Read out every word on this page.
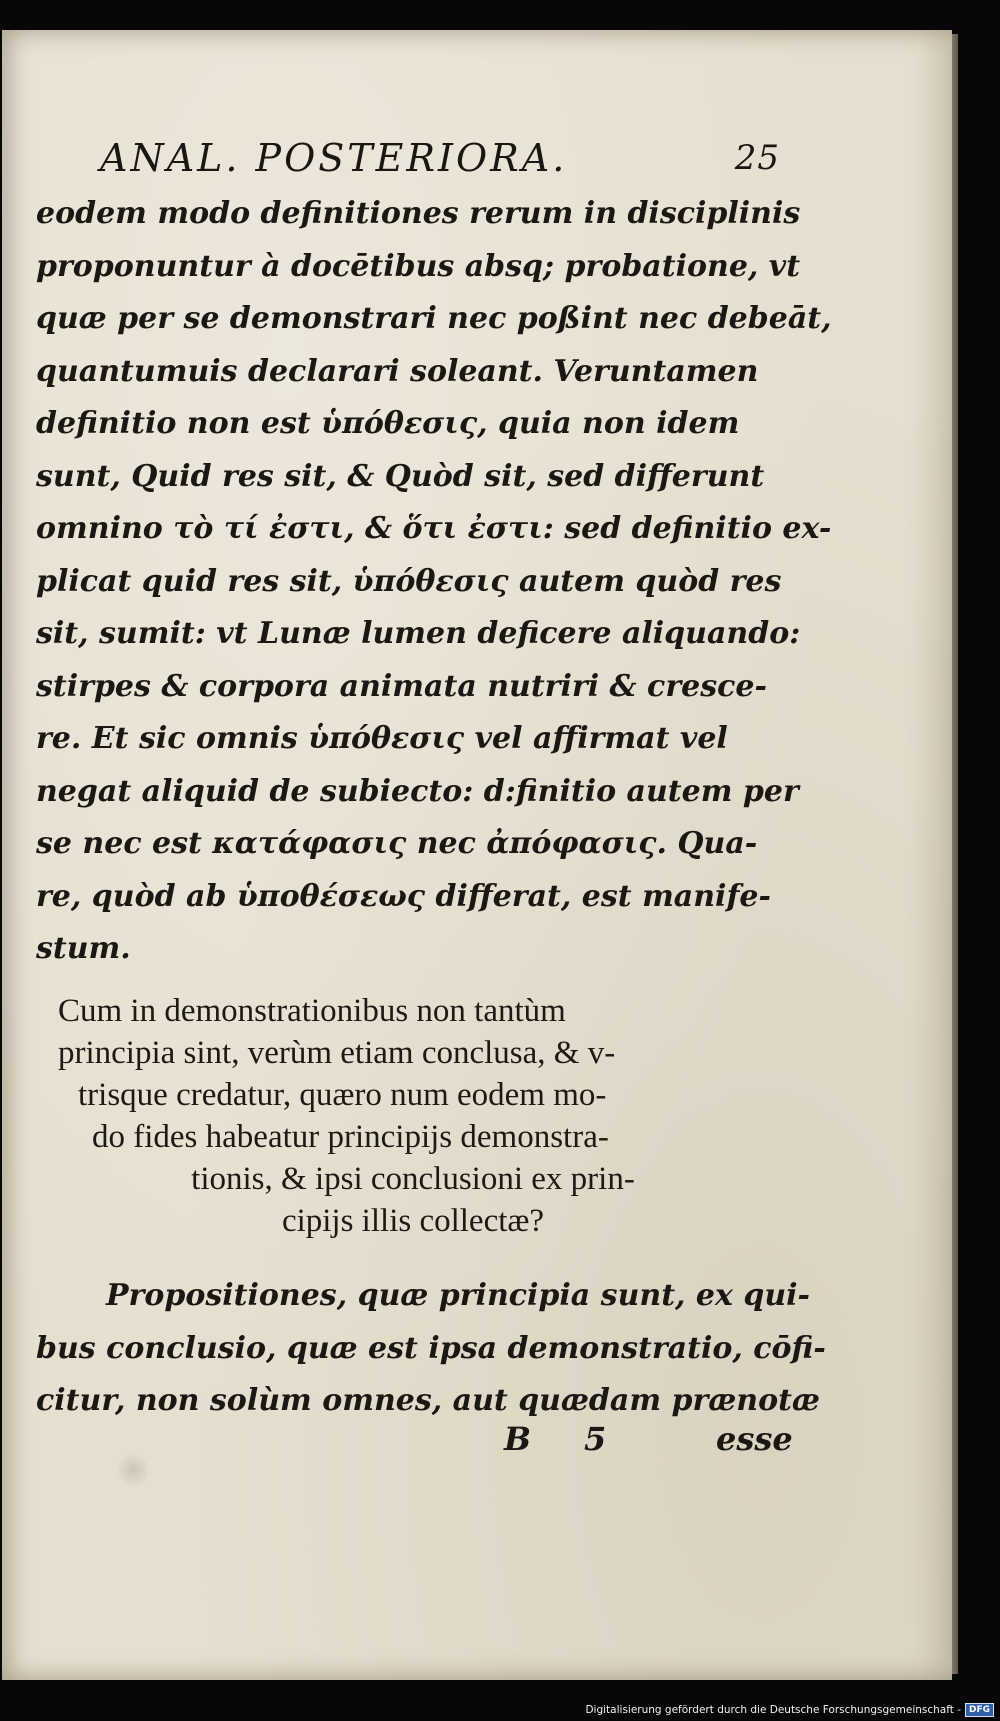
ANAL. POSTERIORA.	25
eodem modo definitiones rerum in disciplinis
proponuntur à docētibus absq; probatione, vt
quæ per se demonstrari nec poßint nec debeāt,
quantumuis declarari soleant. Veruntamen
definitio non est ὑπόθεσις, quia non idem
sunt, Quid res sit, & Quòd sit, sed differunt
omnino τὸ τί ἐστι, & ὅτι ἐστι: sed definitio ex-
plicat quid res sit, ὑπόθεσις autem quòd res
sit, sumit: vt Lunæ lumen deficere aliquando:
stirpes & corpora animata nutriri & cresce-
re. Et sic omnis ὑπόθεσις vel affirmat vel
negat aliquid de subiecto: d:finitio autem per
se nec est κατάφασις nec ἀπόφασις. Qua-
re, quòd ab ὑποθέσεως differat, est manife-
stum.
Cum in demonstrationibus non tantùm
principia sint, verùm etiam conclusa, & v-
trisque credatur, quæro num eodem mo-
do fides habeatur principijs demonstra-
tionis, & ipsi conclusioni ex prin-
cipijs illis collectæ?
Propositiones, quæ principia sunt, ex qui-
bus conclusio, quæ est ipsa demonstratio, cōfi-
citur, non solùm omnes, aut quædam prænotæ
B 5	esse
Digitalisierung gefördert durch die Deutsche Forschungsgemeinschaft - DFG
